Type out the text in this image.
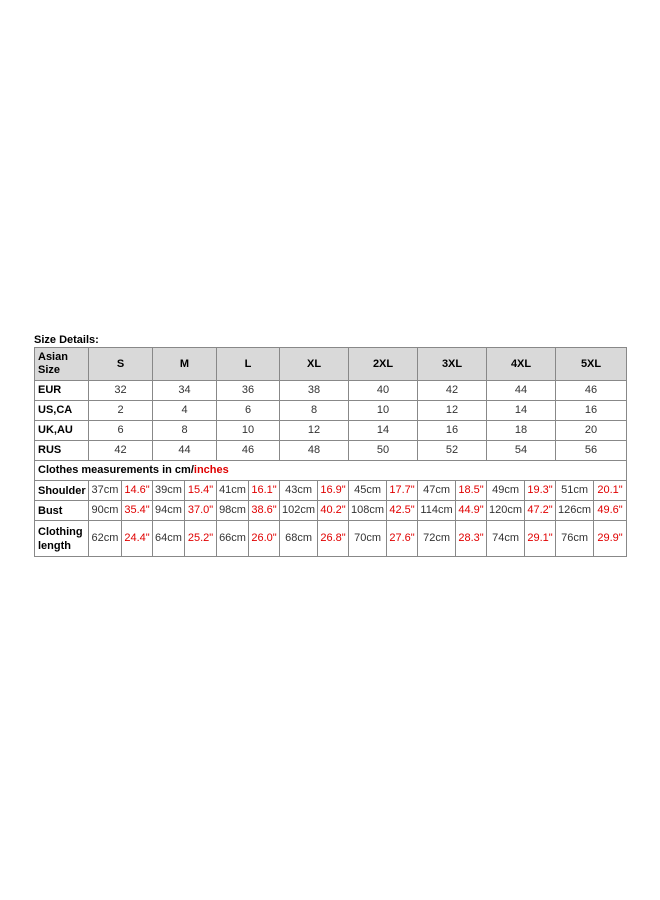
Size Details:
Asian Size	S		M		L		XL		2XL		3XL		4XL		5XL	
EUR	32		34		36		38		40		42		44		46	
US,CA	2		4		6		8		10		12		14		16	
UK,AU	6		8		10		12		14		16		18		20	
RUS	42		44		46		48		50		52		54		56	
Clothes measurements in cm/inches																
Shoulder	37cm	14.6"	39cm	15.4"	41cm	16.1"	43cm	16.9"	45cm	17.7"	47cm	18.5"	49cm	19.3"	51cm	20.1"
Bust	90cm	35.4"	94cm	37.0"	98cm	38.6"	102cm	40.2"	108cm	42.5"	114cm	44.9"	120cm	47.2"	126cm	49.6"
Clothing length	62cm	24.4"	64cm	25.2"	66cm	26.0"	68cm	26.8"	70cm	27.6"	72cm	28.3"	74cm	29.1"	76cm	29.9"
